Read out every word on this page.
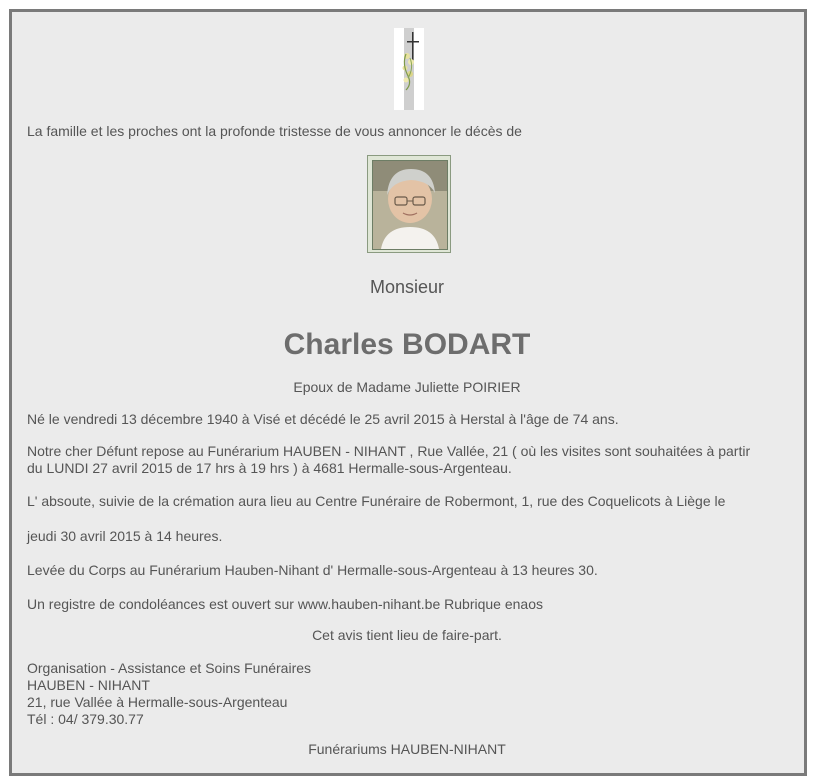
La famille et les proches ont la profonde tristesse de vous annoncer le décès de

Monsieur

Charles BODART

Epoux de Madame Juliette POIRIER

Né le vendredi 13 décembre 1940 à Visé et décédé le 25 avril 2015 à Herstal à l'âge de 74 ans.

Notre cher Défunt repose au Funérarium HAUBEN - NIHANT , Rue Vallée, 21 ( où les visites sont souhaitées à partir

du LUNDI 27 avril 2015 de 17 hrs à 19 hrs ) à 4681 Hermalle-sous-Argenteau.

L' absoute, suivie de la crémation aura lieu au Centre Funéraire de Robermont, 1, rue des Coquelicots à Liège le

jeudi 30 avril 2015 à 14 heures.

Levée du Corps au Funérarium Hauben-Nihant d' Hermalle-sous-Argenteau à 13 heures 30.

Un registre de condoléances est ouvert sur www.hauben-nihant.be Rubrique enaos

Cet avis tient lieu de faire-part.

Organisation - Assistance et Soins Funéraires

HAUBEN - NIHANT

21, rue Vallée à Hermalle-sous-Argenteau

Tél : 04/ 379.30.77

Funérariums HAUBEN-NIHANT
